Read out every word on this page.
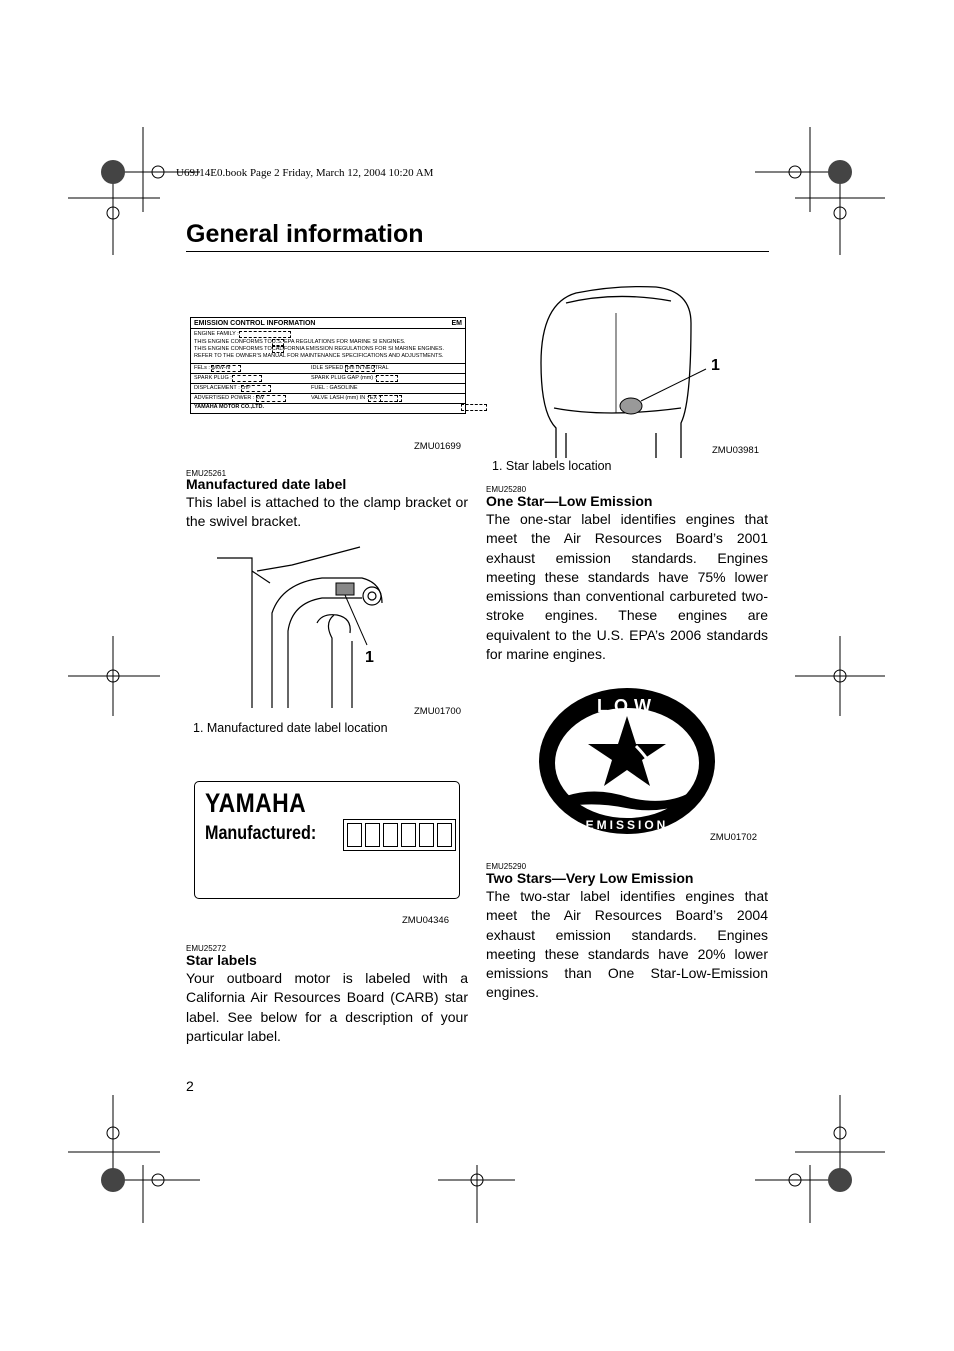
U69J14E0.book Page 2 Friday, March 12, 2004 10:20 AM
General information
EMISSION CONTROL INFORMATION	EM
ENGINE FAMILY :
THIS ENGINE CONFORMS TO
U.S. EPA REGULATIONS FOR MARINE SI ENGINES.
THIS ENGINE CONFORMS TO
CALIFORNIA EMISSION REGULATIONS FOR SI MARINE ENGINES.
REFER TO THE OWNER'S MANUAL FOR MAINTENANCE SPECIFICATIONS AND ADJUSTMENTS.
FELs : g/kW-hr	IDLE SPEED rpm IN NEUTRAL
SPARK PLUG :	SPARK PLUG GAP (mm) :
DISPLACEMENT : cm³	FUEL : GASOLINE
ADVERTISED POWER : kW	VALVE LASH (mm) IN : EX :
YAMAHA MOTOR CO.,LTD.
ZMU01699
EMU25261
Manufactured date label
This label is attached to the clamp bracket or the swivel bracket.
1
ZMU01700
1. Manufactured date label location
YAMAHA
Manufactured:
ZMU04346
EMU25272
Star labels
Your outboard motor is labeled with a California Air Resources Board (CARB) star label. See below for a description of your particular label.
2
1
ZMU03981
1. Star labels location
EMU25280
One Star—Low Emission
The one-star label identifies engines that meet the Air Resources Board’s 2001 exhaust emission standards. Engines meeting these standards have 75% lower emissions than conventional carbureted two-stroke engines. These engines are equivalent to the U.S. EPA’s 2006 standards for marine engines.
LOW
EMISSION
ZMU01702
EMU25290
Two Stars—Very Low Emission
The two-star label identifies engines that meet the Air Resources Board’s 2004 exhaust emission standards. Engines meeting these standards have 20% lower emissions than One Star-Low-Emission engines.
